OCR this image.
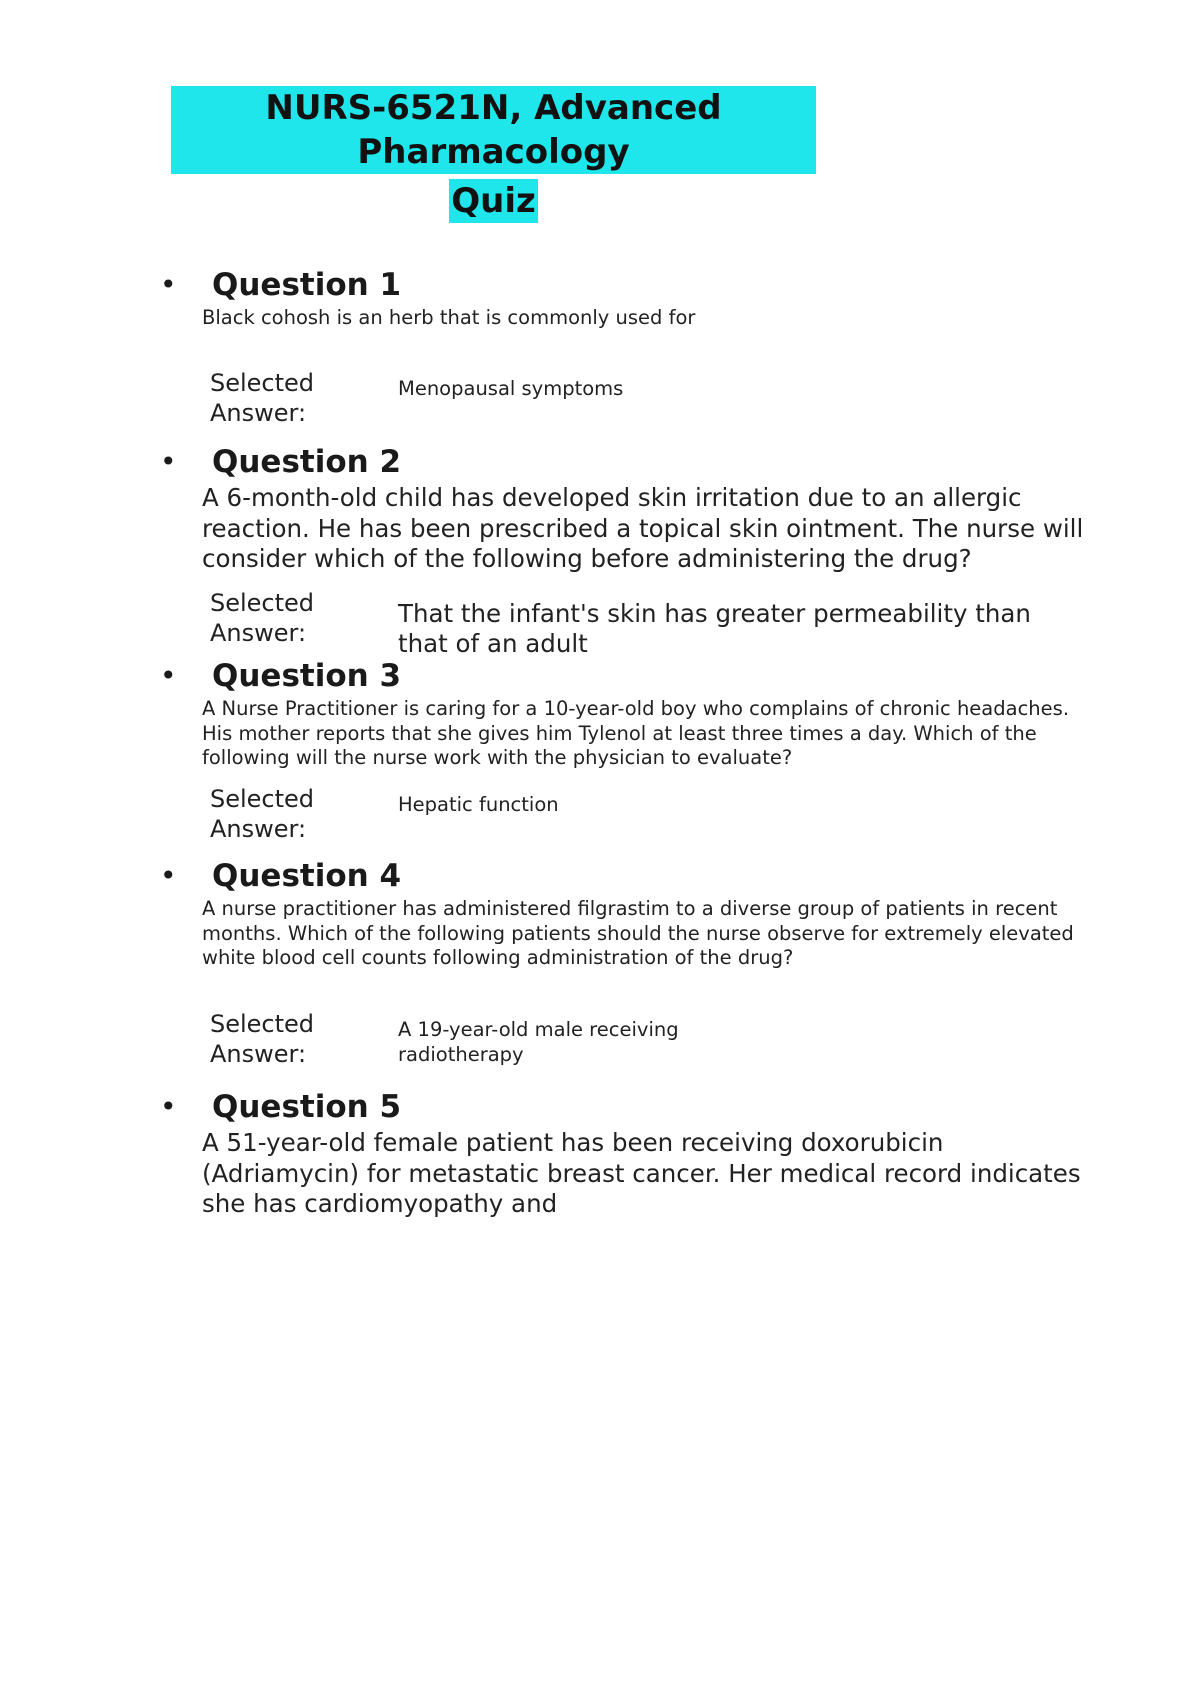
NURS-6521N, Advanced Pharmacology
Quiz
• Question 1
Black cohosh is an herb that is commonly used for
Selected Answer:
Menopausal symptoms
• Question 2
A 6-month-old child has developed skin irritation due to an allergic reaction. He has been prescribed a topical skin ointment. The nurse will consider which of the following before administering the drug?
Selected Answer:
That the infant's skin has greater permeability than that of an adult
• Question 3
A Nurse Practitioner is caring for a 10-year-old boy who complains of chronic headaches. His mother reports that she gives him Tylenol at least three times a day. Which of the following will the nurse work with the physician to evaluate?
Selected Answer:
Hepatic function
• Question 4
A nurse practitioner has administered filgrastim to a diverse group of patients in recent months. Which of the following patients should the nurse observe for extremely elevated white blood cell counts following administration of the drug?
Selected Answer:
A 19-year-old male receiving radiotherapy
• Question 5
A 51-year-old female patient has been receiving doxorubicin (Adriamycin) for metastatic breast cancer. Her medical record indicates she has cardiomyopathy and
